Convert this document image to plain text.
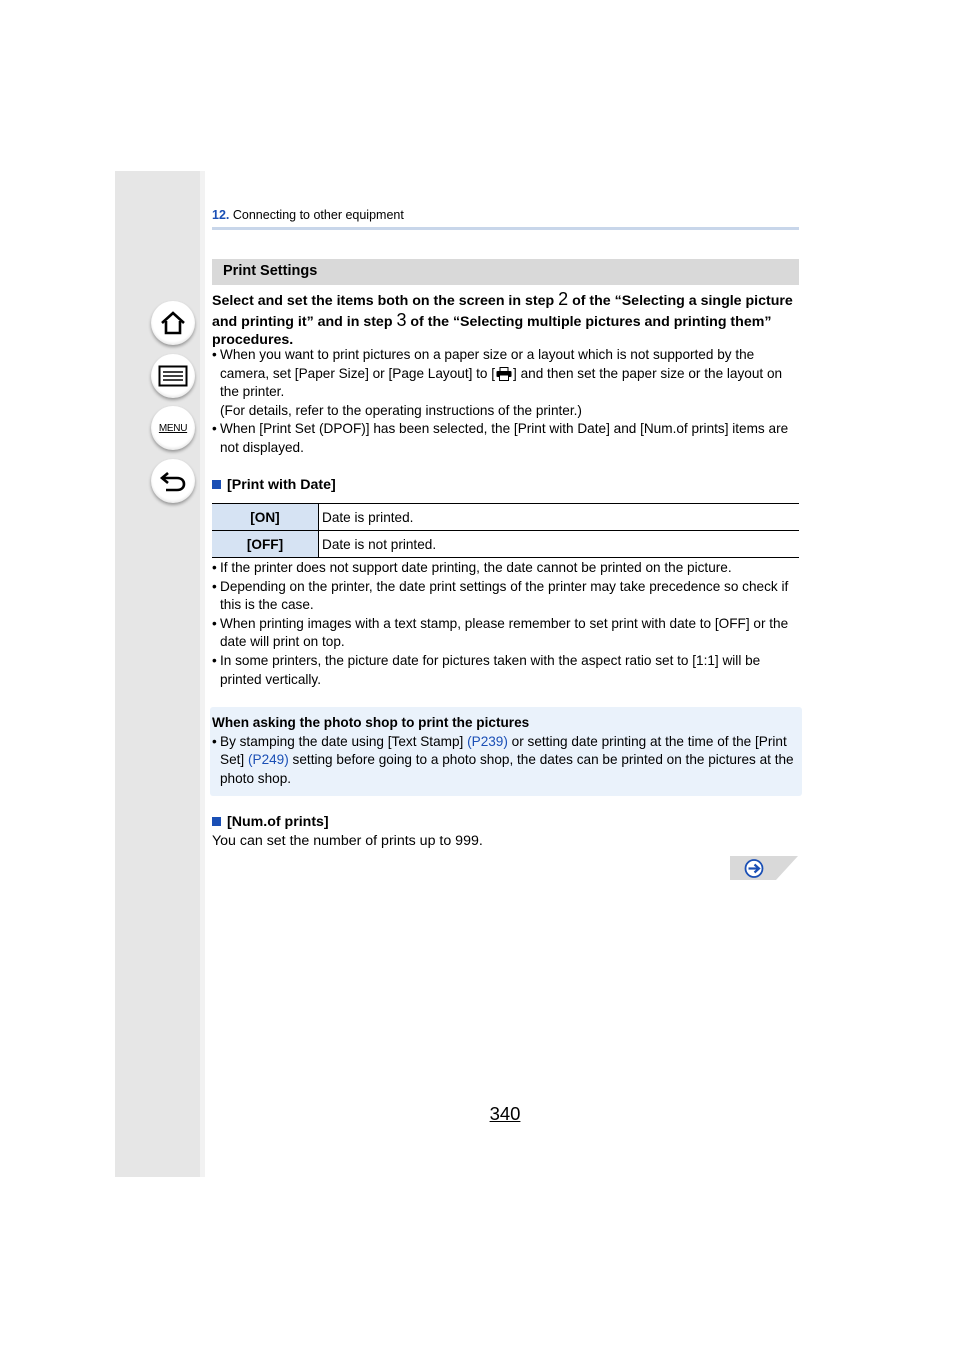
MENU
12. Connecting to other equipment
Print Settings
Select and set the items both on the screen in step 2 of the “Selecting a single picture and printing it” and in step 3 of the “Selecting multiple pictures and printing them” procedures.
• When you want to print pictures on a paper size or a layout which is not supported by the camera, set [Paper Size] or [Page Layout] to [ ] and then set the paper size or the layout on the printer.
(For details, refer to the operating instructions of the printer.)
• When [Print Set (DPOF)] has been selected, the [Print with Date] and [Num.of prints] items are not displayed.
[Print with Date]
[ON]	Date is printed.
[OFF]	Date is not printed.
• If the printer does not support date printing, the date cannot be printed on the picture.
• Depending on the printer, the date print settings of the printer may take precedence so check if this is the case.
• When printing images with a text stamp, please remember to set print with date to [OFF] or the date will print on top.
• In some printers, the picture date for pictures taken with the aspect ratio set to [1:1] will be printed vertically.
When asking the photo shop to print the pictures
• By stamping the date using [Text Stamp] (P239) or setting date printing at the time of the [Print Set] (P249) setting before going to a photo shop, the dates can be printed on the pictures at the photo shop.
[Num.of prints]
You can set the number of prints up to 999.
340
